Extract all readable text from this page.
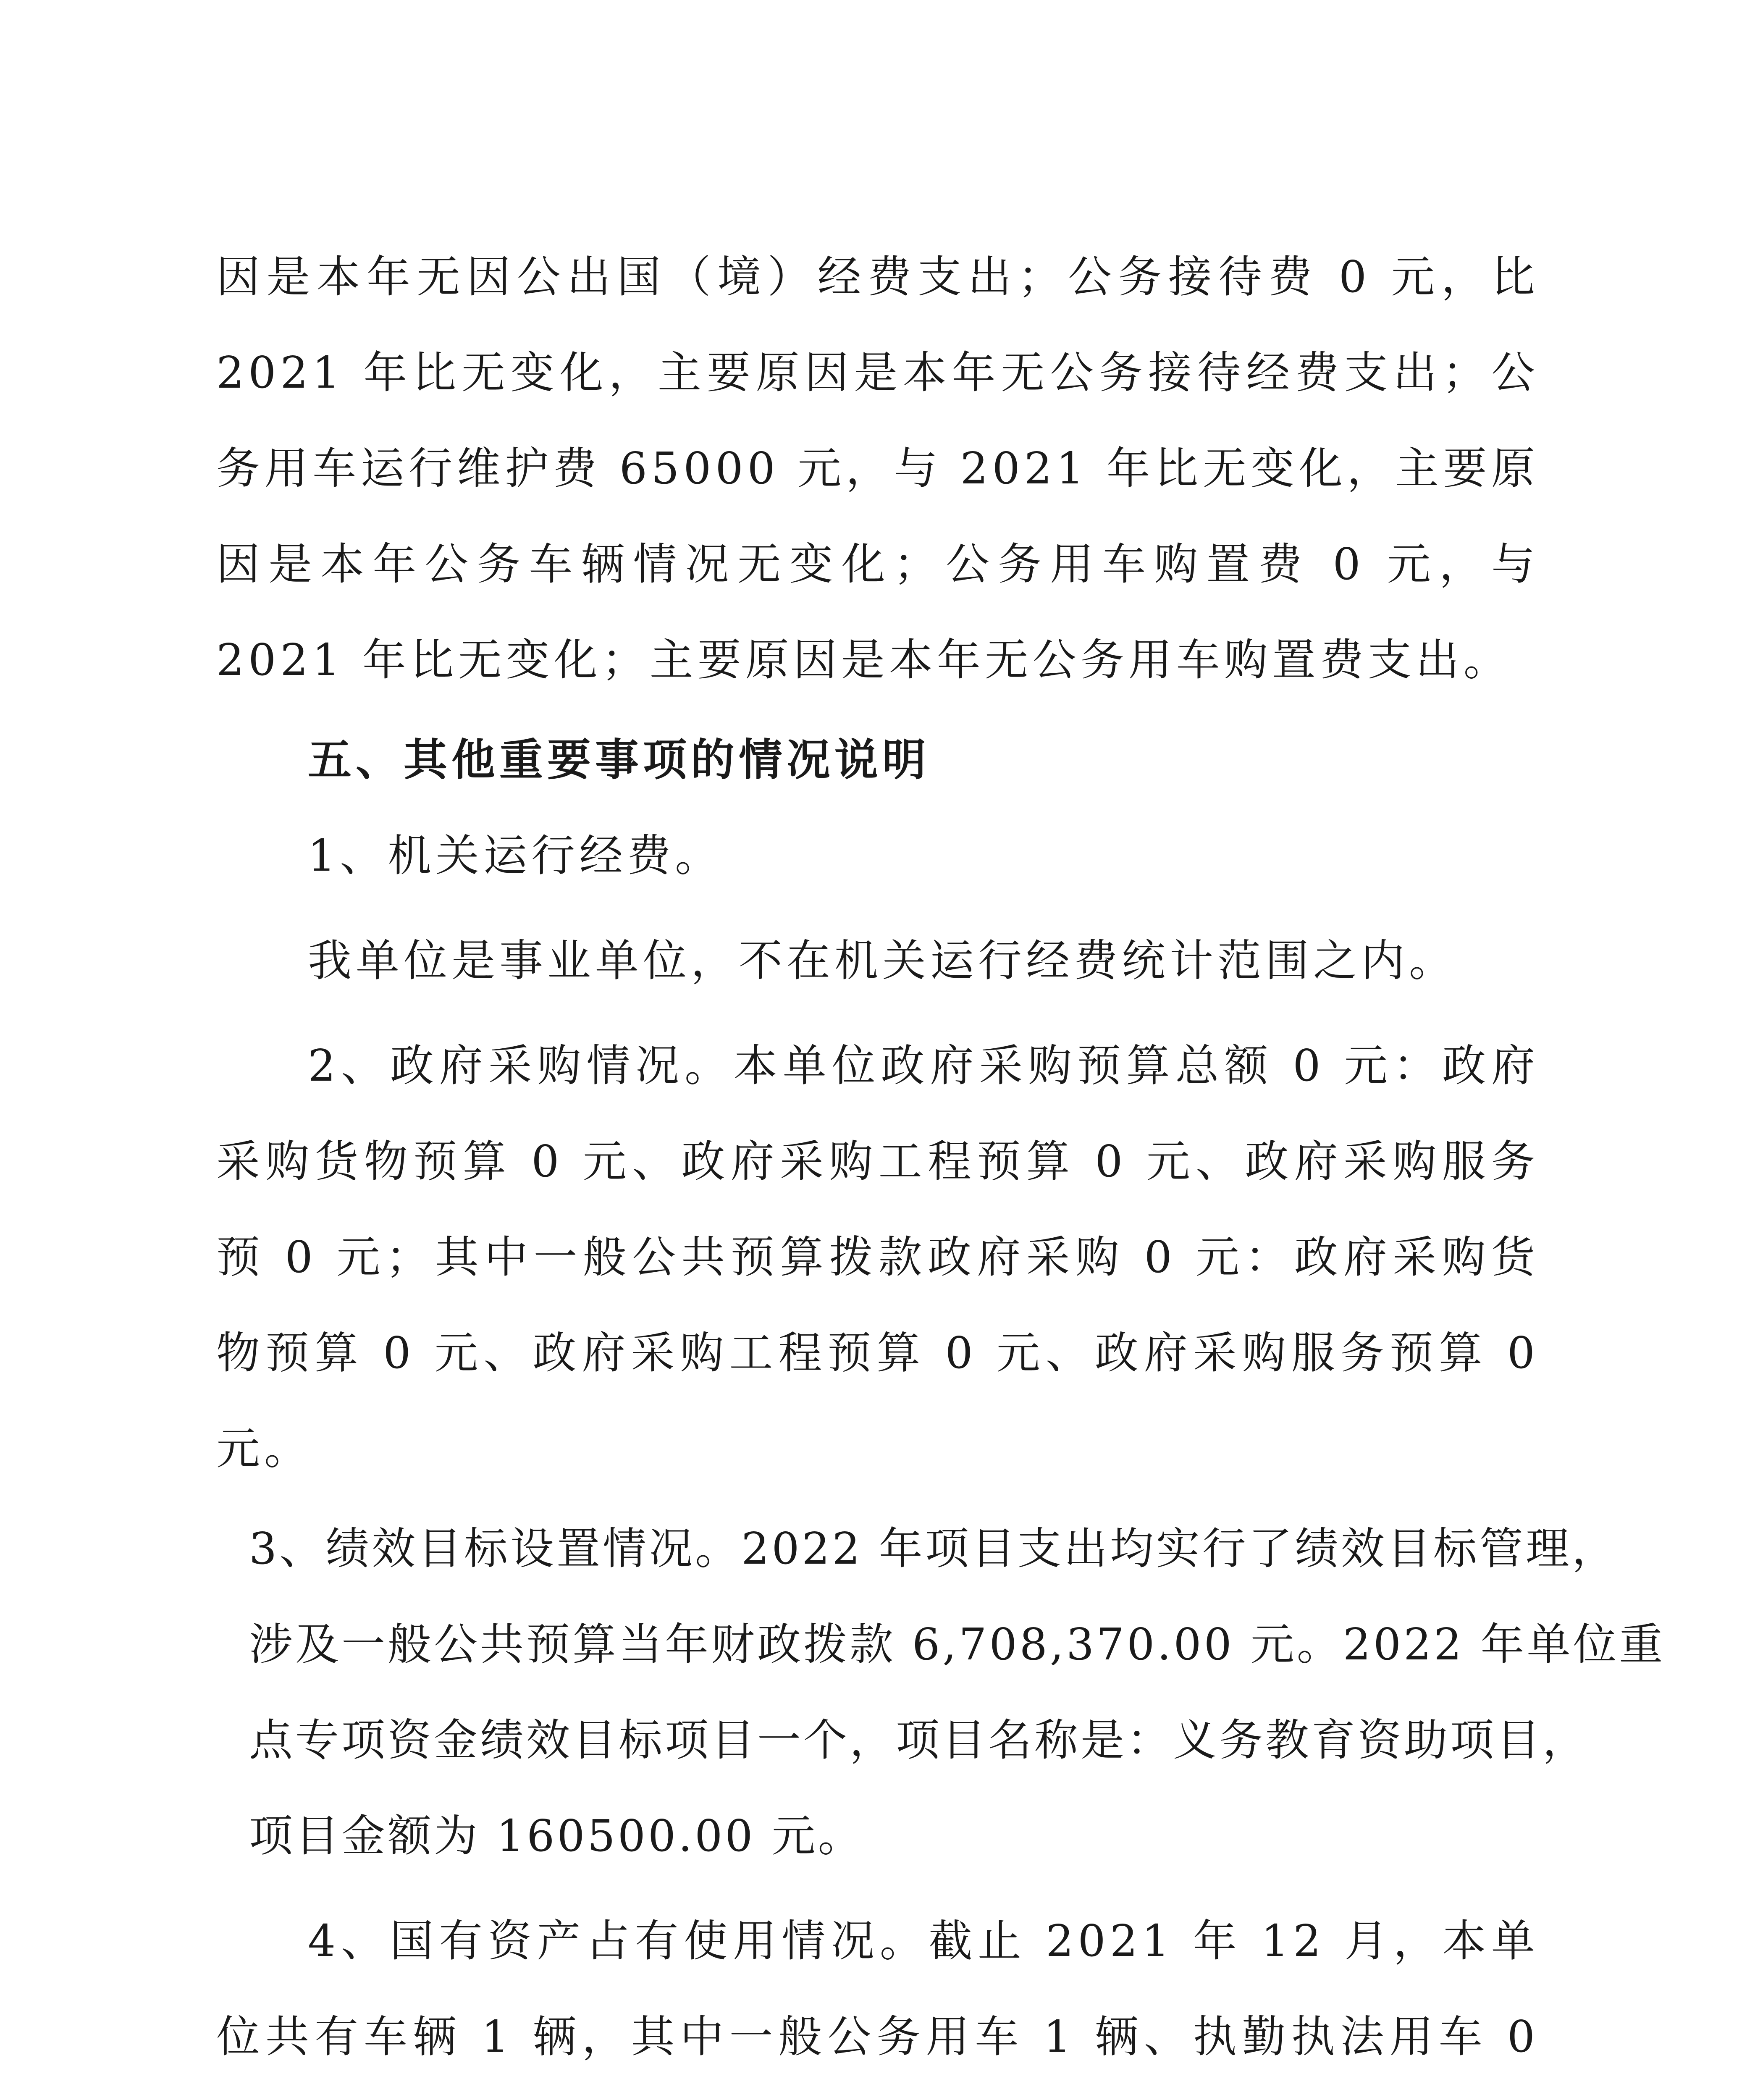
因是本年无因公出国（境）经费支出；公务接待费 0 元，比 2021 年比无变化，主要原因是本年无公务接待经费支出；公务用车运行维护费 65000 元，与 2021 年比无变化，主要原因是本年公务车辆情况无变化；公务用车购置费 0 元，与 2021 年比无变化；主要原因是本年无公务用车购置费支出。

五、其他重要事项的情况说明

1、机关运行经费。

我单位是事业单位，不在机关运行经费统计范围之内。

2、政府采购情况。本单位政府采购预算总额 0 元：政府采购货物预算 0 元、政府采购工程预算 0 元、政府采购服务预 0 元；其中一般公共预算拨款政府采购 0 元：政府采购货物预算 0 元、政府采购工程预算 0 元、政府采购服务预算 0 元。

3、绩效目标设置情况。2022 年项目支出均实行了绩效目标管理，
涉及一般公共预算当年财政拨款 6,708,370.00 元。2022 年单位重
点专项资金绩效目标项目一个，项目名称是：义务教育资助项目，
项目金额为 160500.00 元。

4、国有资产占有使用情况。截止 2021 年 12 月，本单位共有车辆 1 辆，其中一般公务用车 1 辆、执勤执法用车 0
